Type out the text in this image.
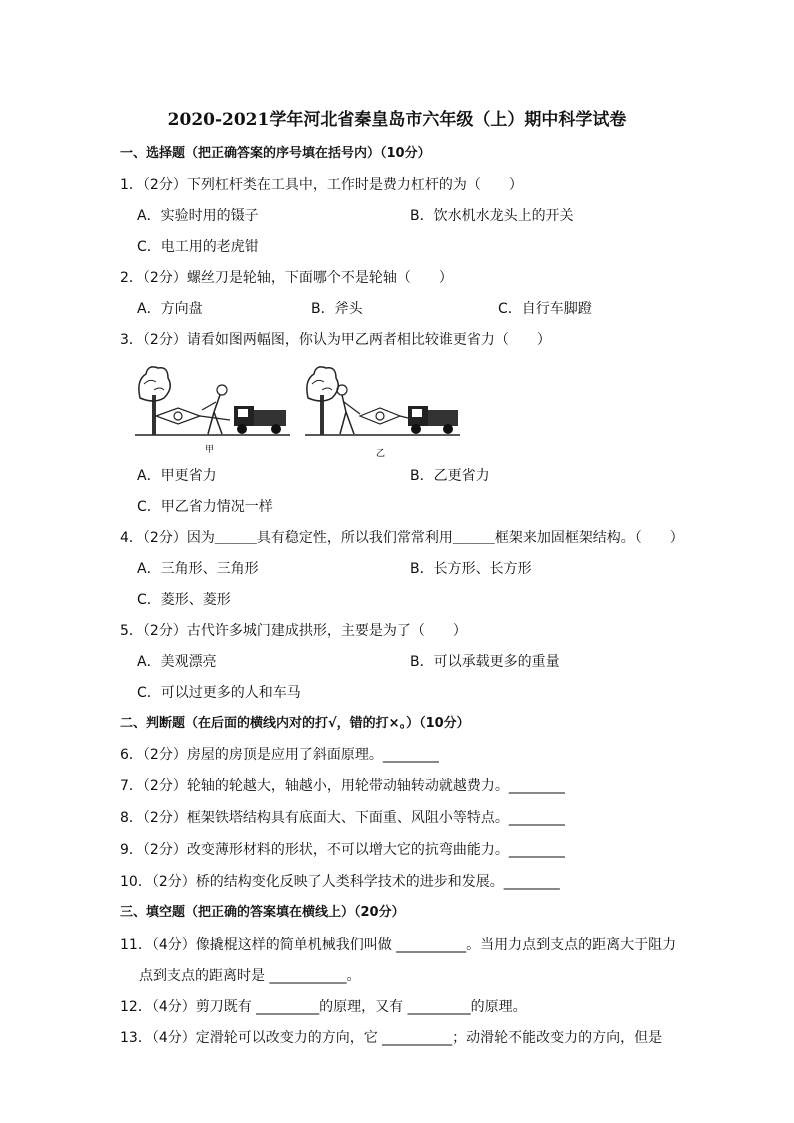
2020-2021学年河北省秦皇岛市六年级（上）期中科学试卷
一、选择题（把正确答案的序号填在括号内）（10分）
1．（2分）下列杠杆类在工具中，工作时是费力杠杆的为（　　）
A．实验时用的镊子	B．饮水机水龙头上的开关
C．电工用的老虎钳
2．（2分）螺丝刀是轮轴，下面哪个不是轮轴（　　）
A．方向盘	B．斧头	C．自行车脚蹬
3．（2分）请看如图两幅图，你认为甲乙两者相比较谁更省力（　　）
甲	乙
A．甲更省力	B．乙更省力
C．甲乙省力情况一样
4．（2分）因为＿＿＿具有稳定性，所以我们常常利用＿＿＿框架来加固框架结构。（　　）
A．三角形、三角形	B．长方形、长方形
C．菱形、菱形
5．（2分）古代许多城门建成拱形，主要是为了（　　）
A．美观漂亮	B．可以承载更多的重量
C．可以过更多的人和车马
二、判断题（在后面的横线内对的打√，错的打×。）（10分）
6．（2分）房屋的房顶是应用了斜面原理。________
7．（2分）轮轴的轮越大，轴越小，用轮带动轴转动就越费力。________
8．（2分）框架铁塔结构具有底面大、下面重、风阻小等特点。________
9．（2分）改变薄形材料的形状，不可以增大它的抗弯曲能力。________
10．（2分）桥的结构变化反映了人类科学技术的进步和发展。________
三、填空题（把正确的答案填在横线上）（20分）
11．（4分）像撬棍这样的简单机械我们叫做 __________。当用力点到支点的距离大于阻力
点到支点的距离时是 ___________。
12．（4分）剪刀既有 _________的原理，又有 _________的原理。
13．（4分）定滑轮可以改变力的方向，它 __________；动滑轮不能改变力的方向，但是
